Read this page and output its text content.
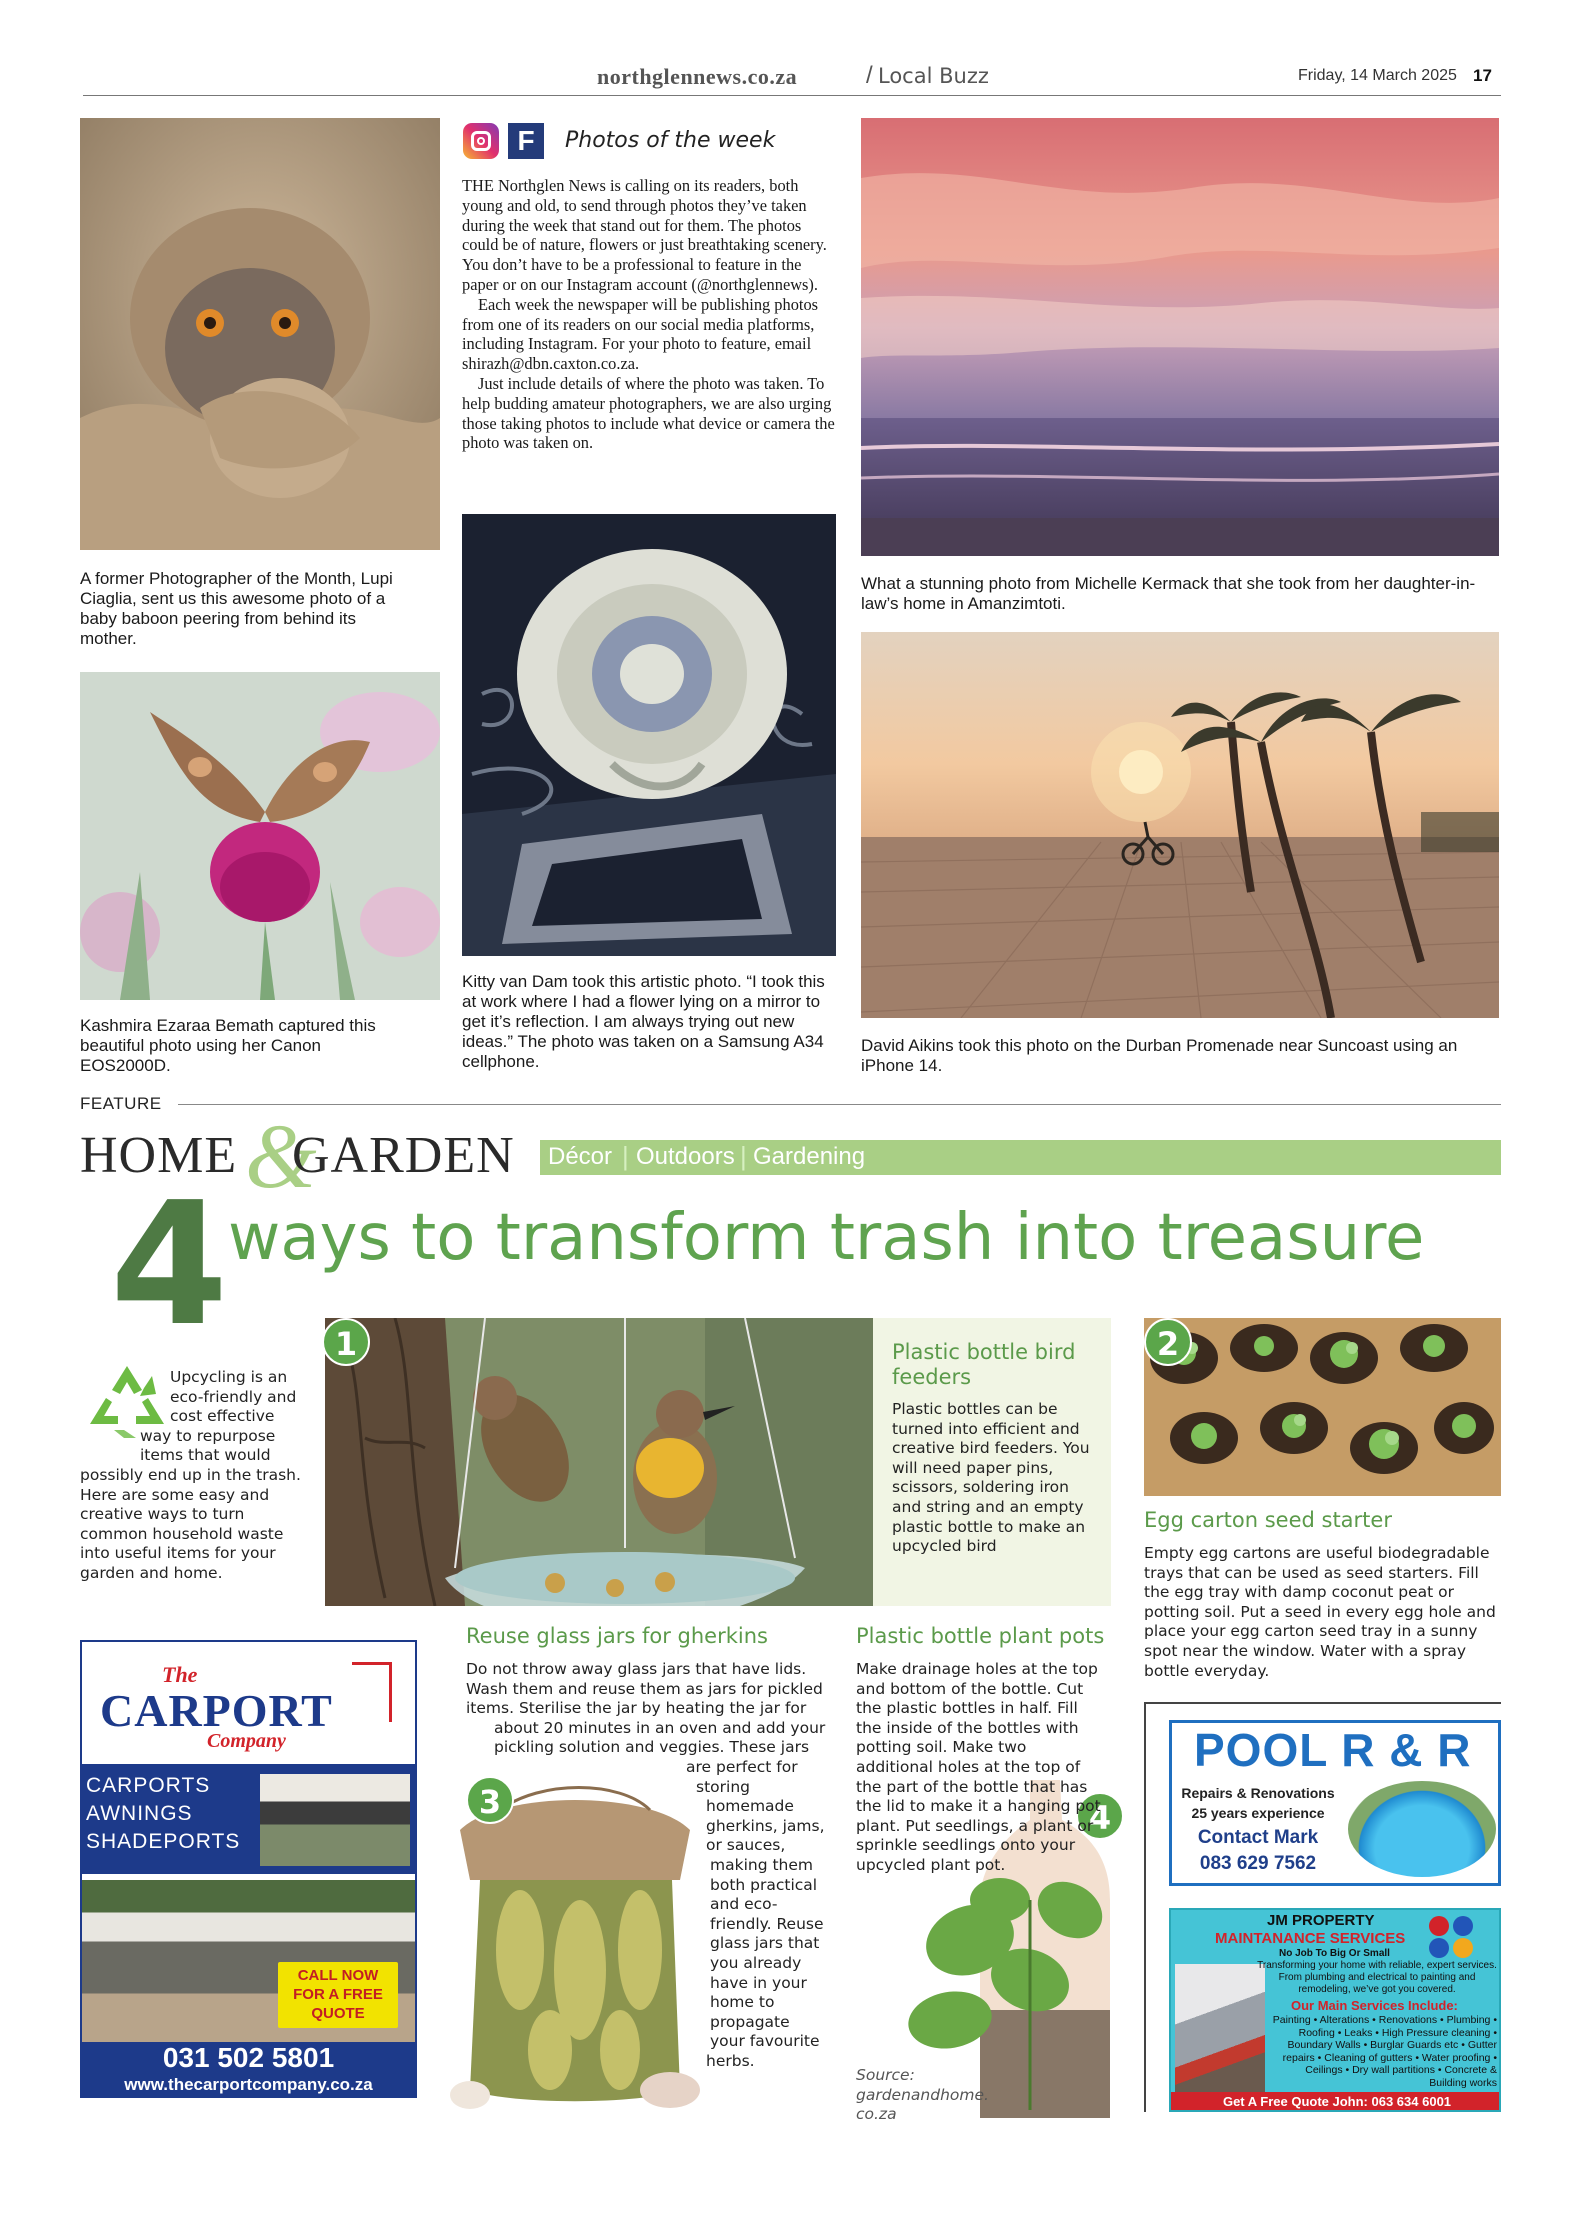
northglennews.co.za	/ Local Buzz	Friday, 14 March 2025 17
A former Photographer of the Month, Lupi Ciaglia, sent us this awesome photo of a baby baboon peering from behind its mother.
Kashmira Ezaraa Bemath captured this beautiful photo using her Canon EOS2000D.
F	Photos of the week

THE Northglen News is calling on its readers, both young and old, to send through photos they’ve taken during the week that stand out for them. The photos could be of nature, flowers or just breathtaking scenery. You don’t have to be a professional to feature in the paper or on our Instagram account (@northglennews).

Each week the newspaper will be publishing photos from one of its readers on our social media platforms, including Instagram. For your photo to feature, email shirazh@dbn.caxton.co.za.

Just include details of where the photo was taken. To help budding amateur photographers, we are also urging those taking photos to include what device or camera the photo was taken on.

Kitty van Dam took this artistic photo. “I took this at work where I had a flower lying on a mirror to get it’s reflection. I am always trying out new ideas.” The photo was taken on a Samsung A34 cellphone.
What a stunning photo from Michelle Kermack that she took from her daughter-in-law’s home in Amanzimtoti.
David Aikins took this photo on the Durban Promenade near Suncoast using an iPhone 14.
FEATURE
&
HOME GARDEN Décor | Outdoors | Gardening
4 ways to transform trash into treasure
Upcycling is an eco-friendly and cost effective way to repurpose items that would possibly end up in the trash. Here are some easy and creative ways to turn common household waste into useful items for your garden and home.
1	Plastic bottle bird feeders
Plastic bottles can be turned into efficient and creative bird feeders. You will need paper pins, scissors, soldering iron and string and an empty plastic bottle to make an upcycled bird
2
Egg carton seed starter
Empty egg cartons are useful biodegradable trays that can be used as seed starters. Fill the egg tray with damp coconut peat or potting soil. Put a seed in every egg hole and place your egg carton seed tray in a sunny spot near the window. Water with a spray bottle everyday.
The
CARPORT
Company
CARPORTS
AWNINGS
SHADEPORTS
CALL NOW FOR A FREE QUOTE
031 502 5801
www.thecarportcompany.co.za
Reuse glass jars for gherkins
3
Do not throw away glass jars that have lids. Wash them and reuse them as jars for pickled items. Sterilise the jar by heating the jar for about 20 minutes in an oven and add your pickling solution and veggies. These jars are perfect for storing homemade gherkins, jams, or sauces, making them both practical and eco-friendly. Reuse glass jars that you already have in your home to propagate your favourite herbs.
Plastic bottle plant pots
4
Make drainage holes at the top and bottom of the bottle. Cut the plastic bottles in half. Fill the inside of the bottles with potting soil. Make two additional holes at the top of the part of the bottle that has the lid to make it a hanging pot plant. Put seedlings, a plant or sprinkle seedlings onto your upcycled plant pot.
Source: gardenandhome. co.za
POOL R & R
Repairs & Renovations
25 years experience
Contact Mark
083 629 7562
JM PROPERTY
MAINTANANCE SERVICES
No Job To Big Or Small
Transforming your home with reliable, expert services. From plumbing and electrical to painting and remodeling, we’ve got you covered.
Our Main Services Include:
Painting • Alterations • Renovations • Plumbing • Roofing • Leaks • High Pressure cleaning • Boundary Walls • Burglar Guards etc • Gutter repairs • Cleaning of gutters • Water proofing • Ceilings • Dry wall partitions • Concrete & Building works
Get A Free Quote John: 063 634 6001
